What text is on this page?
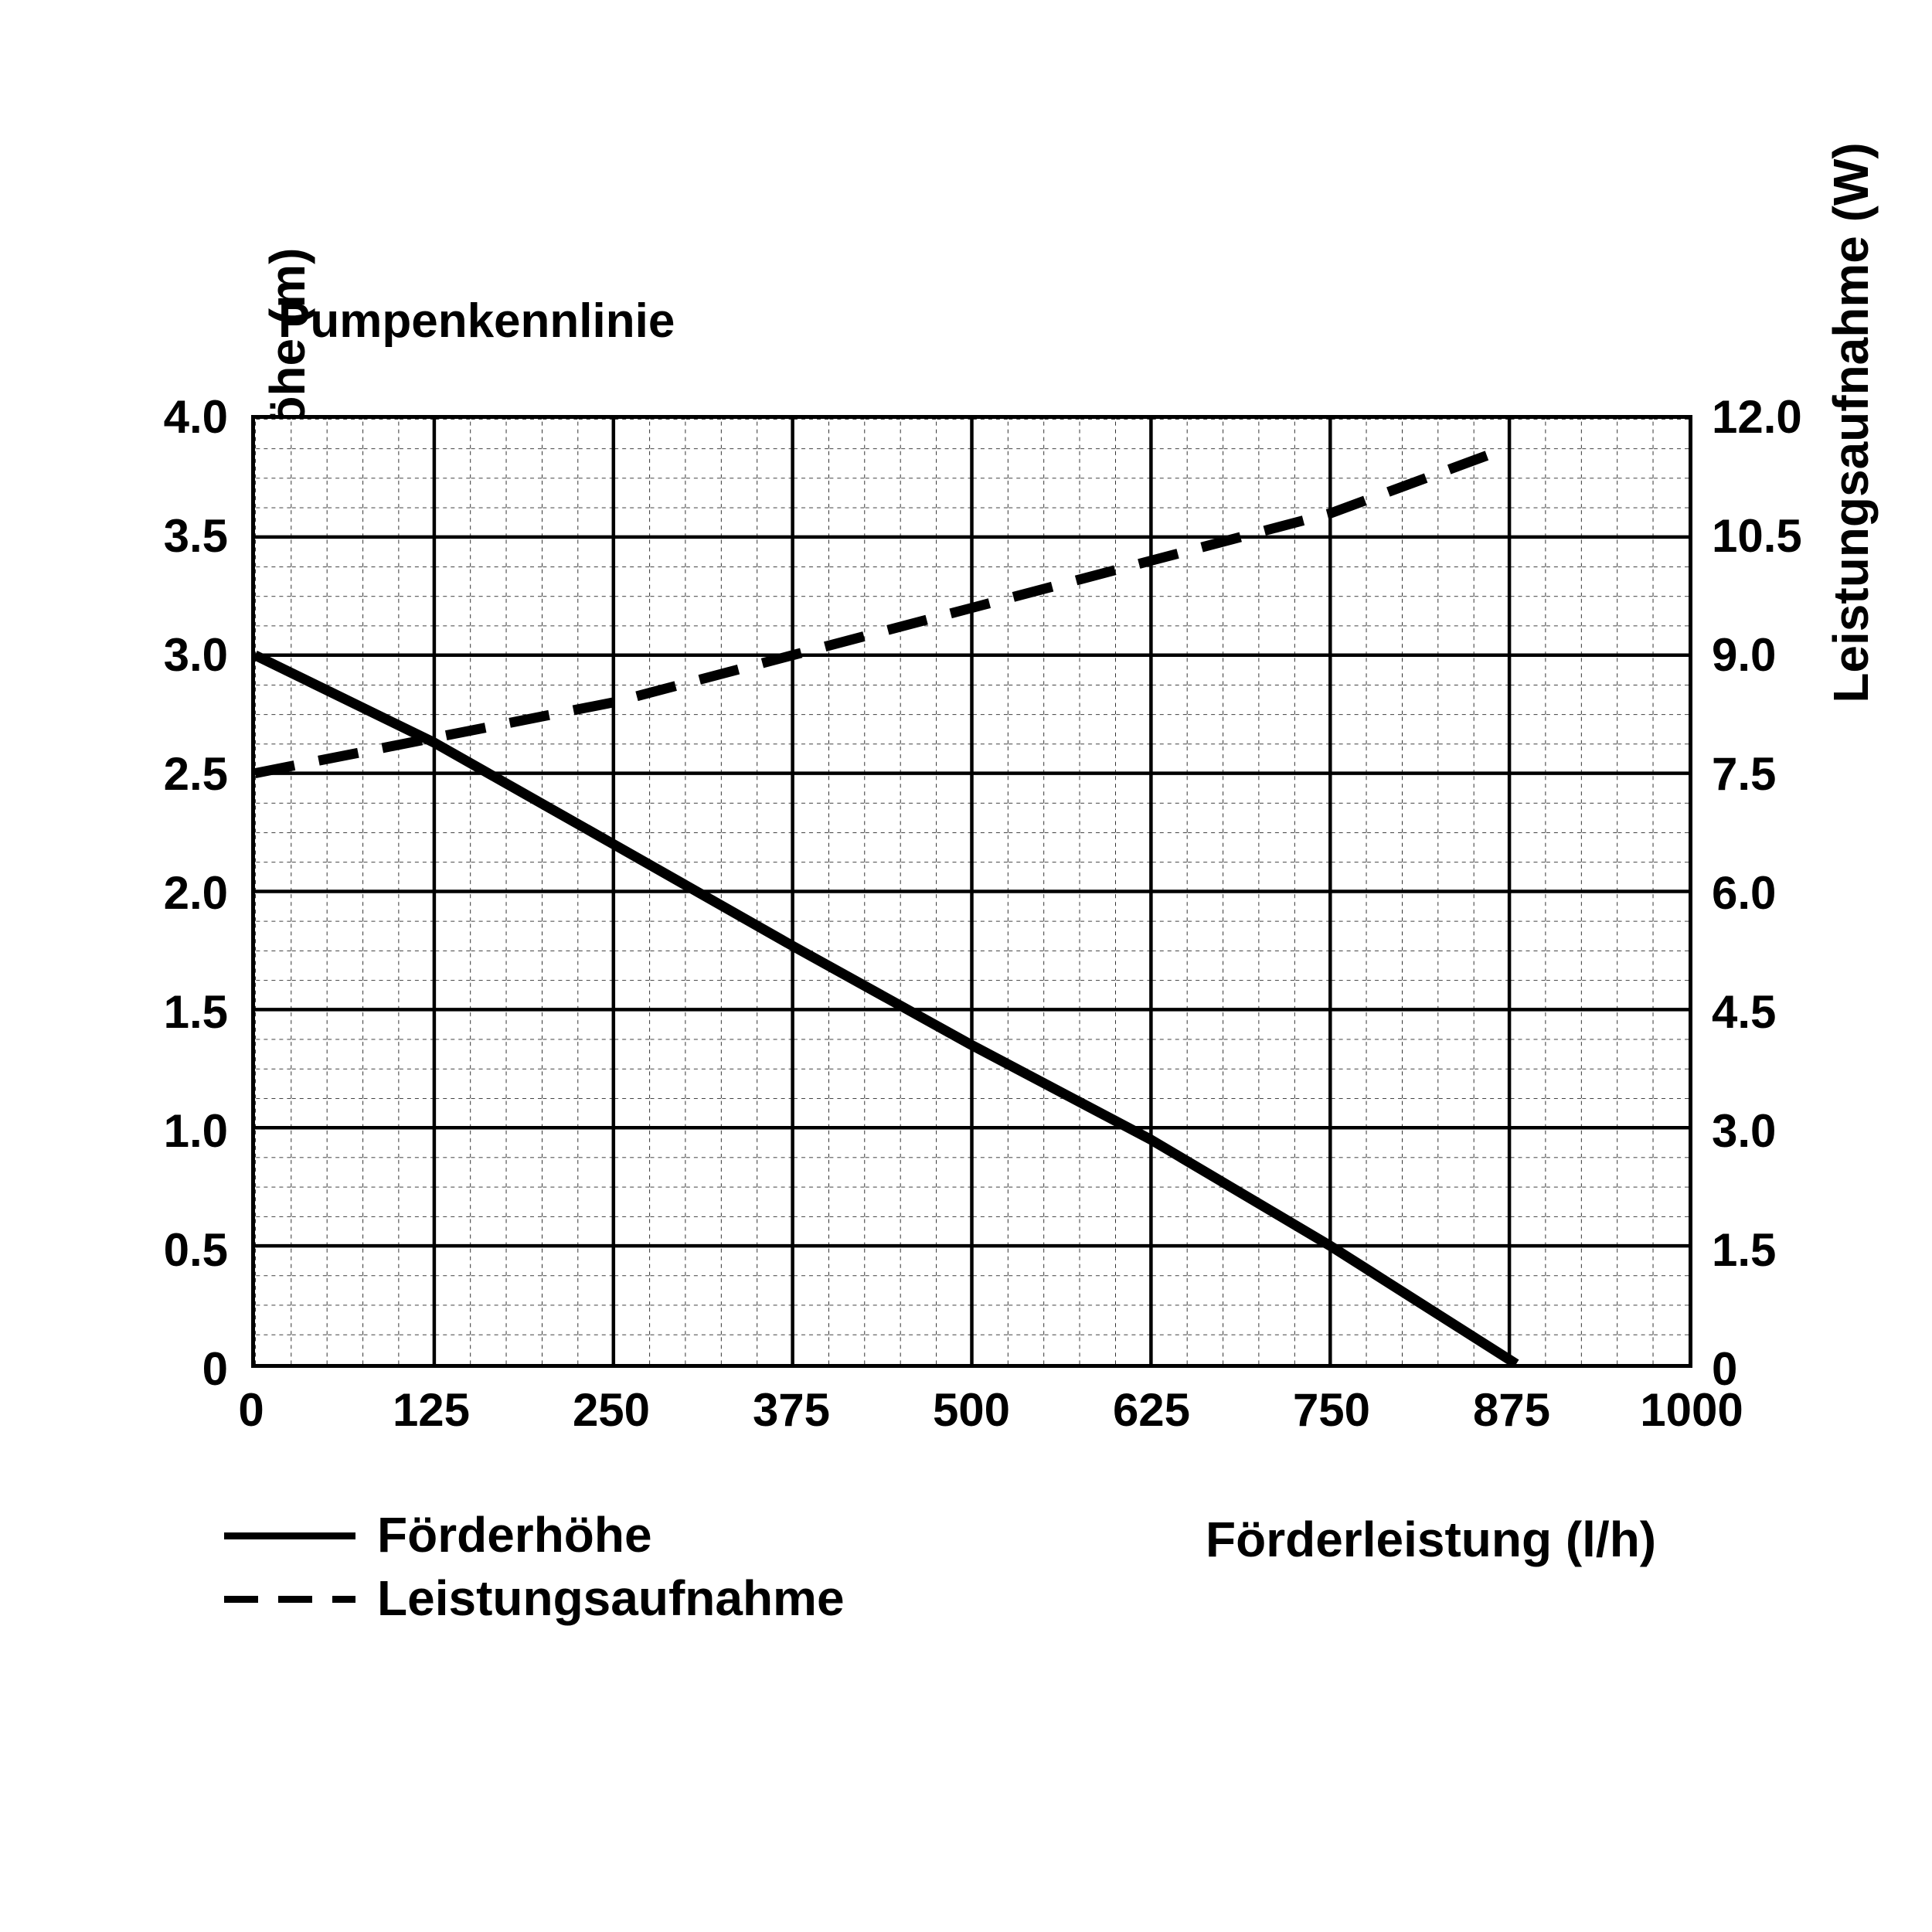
Pumpenkennlinie	Leistungsaufnahme (W)
Förderleistung (l/h)
4.0
3.5
3.0
2.5
2.0
1.5
1.0
0.5
0
12.0
10.5
9.0
7.5
6.0
4.5
3.0
1.5
0
0	125	250	375	500	625	750	875	1000
Förderhöhe
Leistungsaufnahme
